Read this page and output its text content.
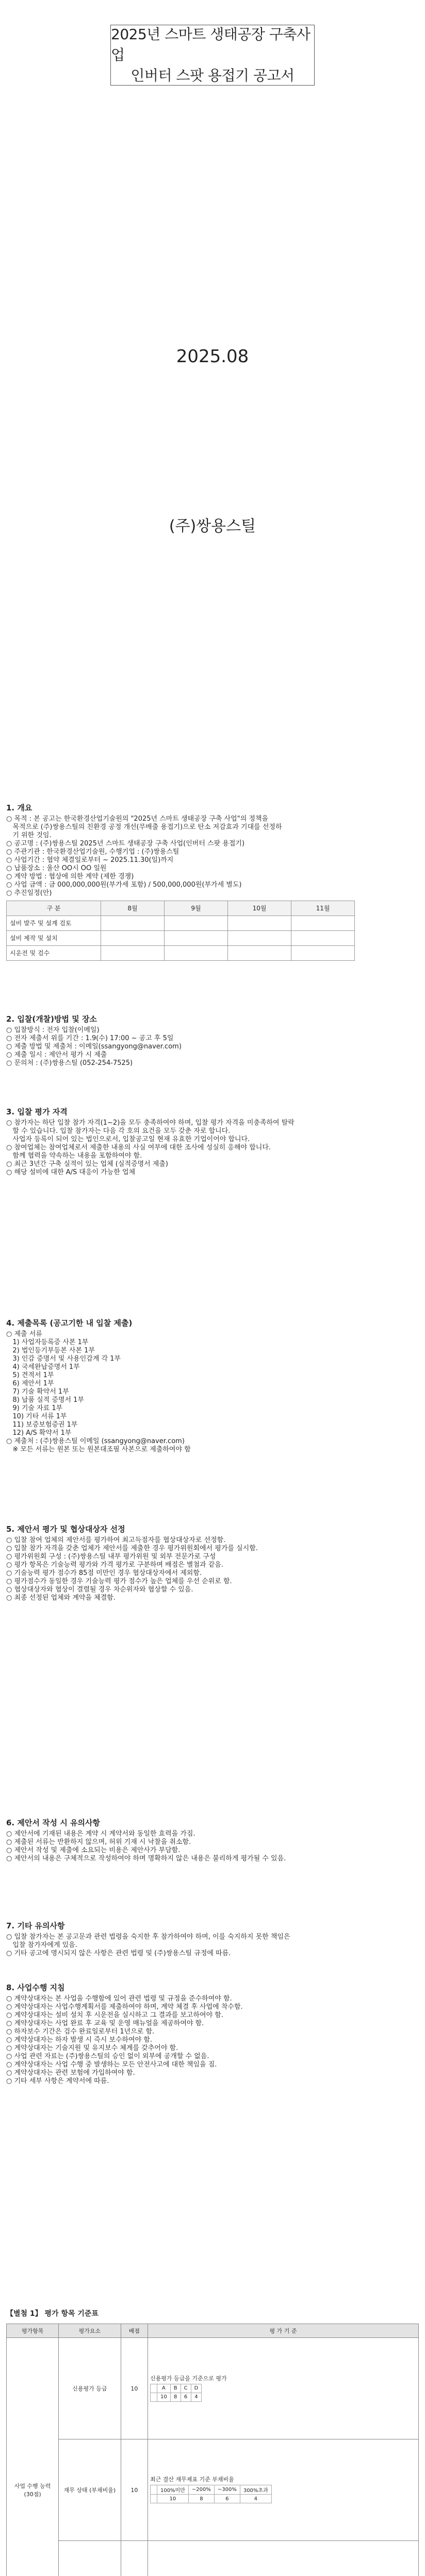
2025년 스마트 생태공장 구축사업
인버터 스팟 용접기 공고서
2025.08
(주)쌍용스틸
1. 개요
○ 목적 : 본 공고는 한국환경산업기술원의 "2025년 스마트 생태공장 구축 사업"의 정책을
목적으로 (주)쌍용스틸의 친환경 공정 개선(무배출 용접기)으로 탄소 저감효과 기대를 선정하
기 위한 것임.
○ 공고명 : (주)쌍용스틸 2025년 스마트 생태공장 구축 사업(인버터 스팟 용접기)
○ 주관기관 : 한국환경산업기술원, 수행기업 : (주)쌍용스틸
○ 사업기간 : 협약 체결일로부터 ~ 2025.11.30(일)까지
○ 납품장소 : 울산 OO시 OO 일원
○ 계약 방법 : 협상에 의한 계약 (제한 경쟁)
○ 사업 금액 : 금 000,000,000원(부가세 포함) / 500,000,000원(부가세 별도)
○ 추진일정(안)
구 분	8월	9월	10월	11월
설비 발주 및 설계 검토				
설비 제작 및 설치				
시운전 및 검수				
2. 입찰(개찰)방법 및 장소
○ 입찰방식 : 전자 입찰(이메일)
○ 전자 제출서 위를 기간 : 1.9(수) 17:00 ~ 공고 후 5일
○ 제출 방법 및 제출처 : 이메일(ssangyong@naver.com)
○ 제출 일시 : 제안서 평가 시 제출
○ 문의처 : (주)쌍용스틸 (052-254-7525)
3. 입찰 평가 자격
○ 참가자는 하단 입찰 참가 자격(1~2)을 모두 충족하여야 하며, 입찰 평가 자격을 미충족하여 탈락
할 수 있습니다. 입찰 참가자는 다음 각 호의 요건을 모두 갖춘 자로 합니다.
사업자 등록이 되어 있는 법인으로서, 입찰공고일 현재 유효한 기업이어야 합니다.
○ 참여업체는 참여업체로서 제출한 내용의 사실 여부에 대한 조사에 성실히 응해야 합니다.
함께 협력을 약속하는 내용을 포함하여야 함.
○ 최근 3년간 구축 실적이 있는 업체 (실적증명서 제출)
○ 해당 설비에 대한 A/S 대응이 가능한 업체
4. 제출목록 (공고기한 내 입찰 제출)
○ 제출 서류
1) 사업자등록증 사본 1부
2) 법인등기부등본 사본 1부
3) 인감 증명서 및 사용인감계 각 1부
4) 국세완납증명서 1부
5) 견적서 1부
6) 제안서 1부
7) 기술 확약서 1부
8) 납품 실적 증명서 1부
9) 기술 자료 1부
10) 기타 서류 1부
11) 보증보험증권 1부
12) A/S 확약서 1부
○ 제출처 : (주)쌍용스틸 이메일 (ssangyong@naver.com)
※ 모든 서류는 원본 또는 원본대조필 사본으로 제출하여야 함
5. 제안서 평가 및 협상대상자 선정
○ 입찰 참여 업체의 제안서를 평가하여 최고득점자를 협상대상자로 선정함.
○ 입찰 참가 자격을 갖춘 업체가 제안서를 제출한 경우 평가위원회에서 평가를 실시함.
○ 평가위원회 구성 : (주)쌍용스틸 내부 평가위원 및 외부 전문가로 구성
○ 평가 항목은 기술능력 평가와 가격 평가로 구분하며 배점은 별첨과 같음.
○ 기술능력 평가 점수가 85점 미만인 경우 협상대상자에서 제외함.
○ 평가점수가 동일한 경우 기술능력 평가 점수가 높은 업체를 우선 순위로 함.
○ 협상대상자와 협상이 결렬될 경우 차순위자와 협상할 수 있음.
○ 최종 선정된 업체와 계약을 체결함.
6. 제안서 작성 시 유의사항
○ 제안서에 기재된 내용은 계약 시 계약서와 동일한 효력을 가짐.
○ 제출된 서류는 반환하지 않으며, 허위 기재 시 낙찰을 취소함.
○ 제안서 작성 및 제출에 소요되는 비용은 제안사가 부담함.
○ 제안서의 내용은 구체적으로 작성하여야 하며 명확하지 않은 내용은 불리하게 평가될 수 있음.
7. 기타 유의사항
○ 입찰 참가자는 본 공고문과 관련 법령을 숙지한 후 참가하여야 하며, 이를 숙지하지 못한 책임은
입찰 참가자에게 있음.
○ 기타 공고에 명시되지 않은 사항은 관련 법령 및 (주)쌍용스틸 규정에 따름.
8. 사업수행 지침
○ 계약상대자는 본 사업을 수행함에 있어 관련 법령 및 규정을 준수하여야 함.
○ 계약상대자는 사업수행계획서를 제출하여야 하며, 계약 체결 후 사업에 착수함.
○ 계약상대자는 설비 설치 후 시운전을 실시하고 그 결과를 보고하여야 함.
○ 계약상대자는 사업 완료 후 교육 및 운영 매뉴얼을 제공하여야 함.
○ 하자보수 기간은 검수 완료일로부터 1년으로 함.
○ 계약상대자는 하자 발생 시 즉시 보수하여야 함.
○ 계약상대자는 기술지원 및 유지보수 체계를 갖추어야 함.
○ 사업 관련 자료는 (주)쌍용스틸의 승인 없이 외부에 공개할 수 없음.
○ 계약상대자는 사업 수행 중 발생하는 모든 안전사고에 대한 책임을 짐.
○ 계약상대자는 관련 보험에 가입하여야 함.
○ 기타 세부 사항은 계약서에 따름.
【별첨 1】 평가 항목 기준표
평가항목	평가요소	배점	평 가 기 준
사업 수행 능력 (30점)	신용평가 등급	10	
신용평가 등급을 기준으로 평가
	A	B	C	D
	10	8	6	4

재무 상태 (부채비율)	10	
최근 결산 재무제표 기준 부채비율
	100%미만	~200%	~300%	300%초과
	10	8	6	4
